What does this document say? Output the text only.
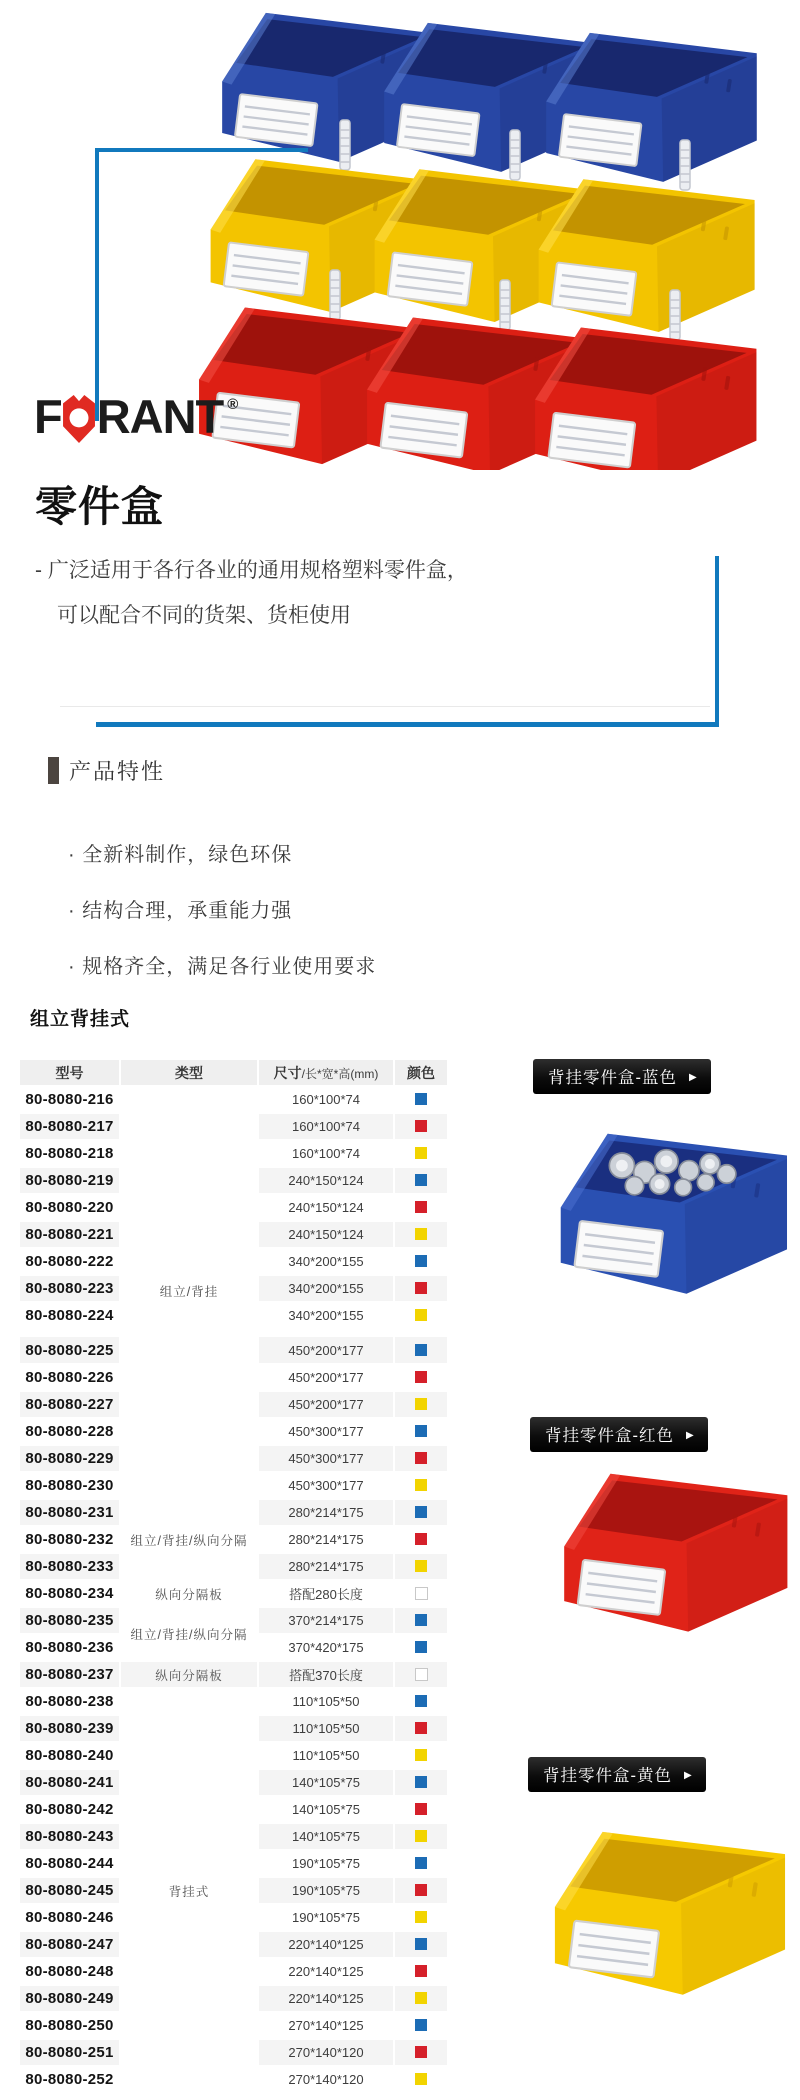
F RANT ®
零件盒
- 广泛适用于各行各业的通用规格塑料零件盒，
可以配合不同的货架、货柜使用
产品特性
· 全新料制作，绿色环保
· 结构合理，承重能力强
· 规格齐全，满足各行业使用要求
组立背挂式
型号	类型	尺寸/长*宽*高(mm)	颜色
80-8080-216	组立/背挂	160*100*74	
80-8080-217		160*100*74	
80-8080-218		160*100*74	
80-8080-219		240*150*124	
80-8080-220		240*150*124	
80-8080-221		240*150*124	
80-8080-222		340*200*155	
80-8080-223		340*200*155	
80-8080-224		340*200*155	

80-8080-225		450*200*177	
80-8080-226		450*200*177	
80-8080-227		450*200*177	
80-8080-228		450*300*177	
80-8080-229		450*300*177	
80-8080-230		450*300*177	
80-8080-231	组立/背挂/纵向分隔	280*214*175	
80-8080-232		280*214*175	
80-8080-233		280*214*175	
80-8080-234	纵向分隔板	搭配280长度	
80-8080-235	组立/背挂/纵向分隔	370*214*175	
80-8080-236		370*420*175	
80-8080-237	纵向分隔板	搭配370长度	
80-8080-238	背挂式	110*105*50	
80-8080-239		110*105*50	
80-8080-240		110*105*50	
80-8080-241		140*105*75	
80-8080-242		140*105*75	
80-8080-243		140*105*75	
80-8080-244		190*105*75	
80-8080-245		190*105*75	
80-8080-246		190*105*75	
80-8080-247		220*140*125	
80-8080-248		220*140*125	
80-8080-249		220*140*125	
80-8080-250		270*140*125	
80-8080-251		270*140*120	
80-8080-252		270*140*120	
背挂零件盒-蓝色 ▶
背挂零件盒-红色 ▶
背挂零件盒-黄色 ▶
